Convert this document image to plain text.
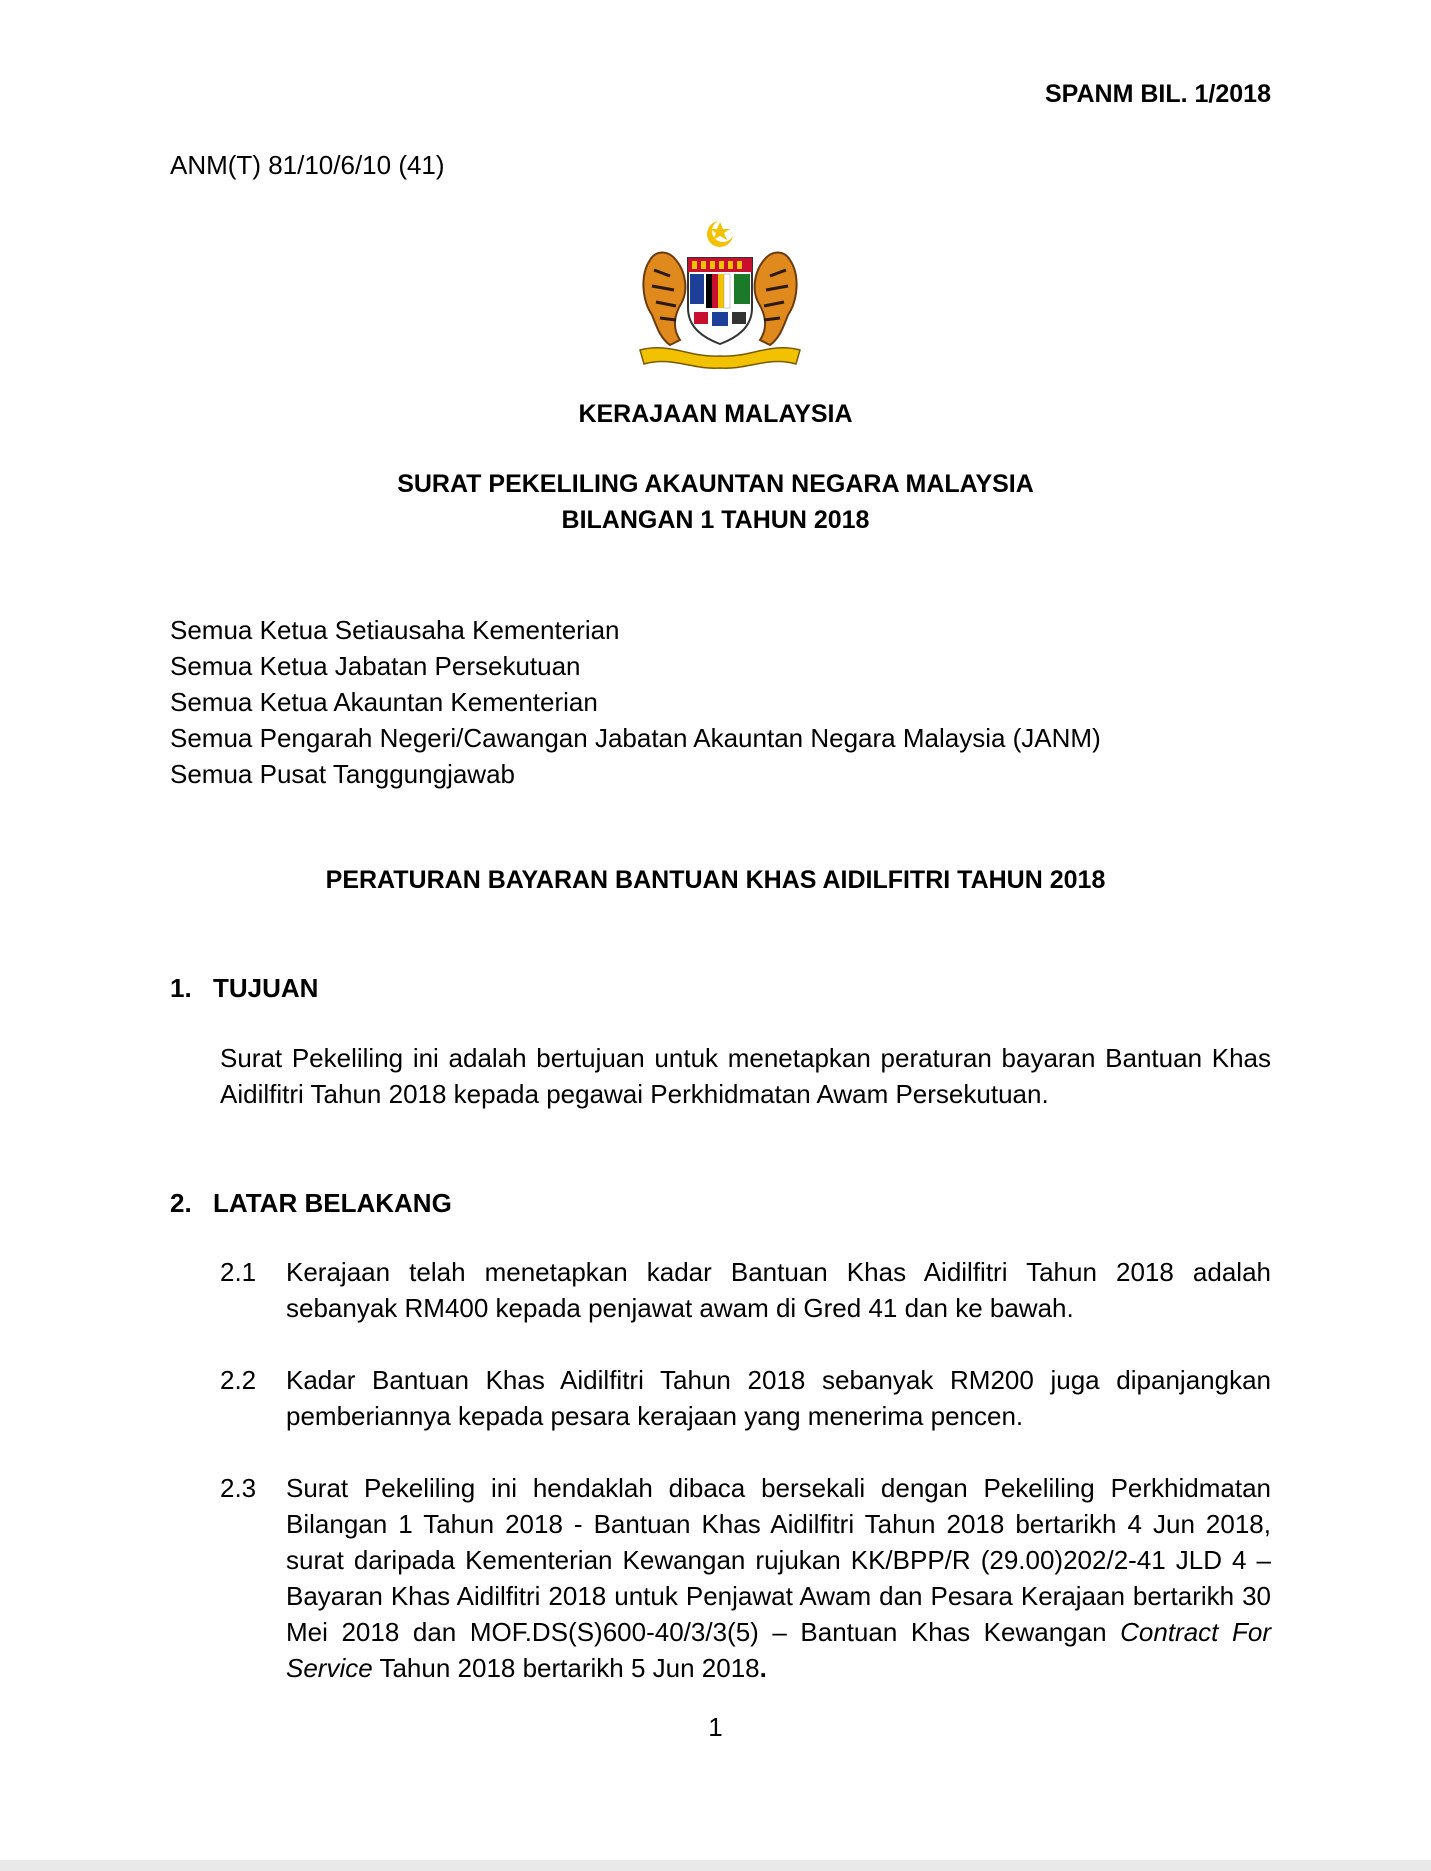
SPANM BIL. 1/2018
ANM(T) 81/10/6/10 (41)
KERAJAAN MALAYSIA
SURAT PEKELILING AKAUNTAN NEGARA MALAYSIA
BILANGAN 1 TAHUN 2018
Semua Ketua Setiausaha Kementerian
Semua Ketua Jabatan Persekutuan
Semua Ketua Akauntan Kementerian
Semua Pengarah Negeri/Cawangan Jabatan Akauntan Negara Malaysia (JANM)
Semua Pusat Tanggungjawab
PERATURAN BAYARAN BANTUAN KHAS AIDILFITRI TAHUN 2018
1. TUJUAN

Surat Pekeliling ini adalah bertujuan untuk menetapkan peraturan bayaran Bantuan Khas Aidilfitri Tahun 2018 kepada pegawai Perkhidmatan Awam Persekutuan.

2. LATAR BELAKANG
2.1 Kerajaan telah menetapkan kadar Bantuan Khas Aidilfitri Tahun 2018 adalah sebanyak RM400 kepada penjawat awam di Gred 41 dan ke bawah.
2.2 Kadar Bantuan Khas Aidilfitri Tahun 2018 sebanyak RM200 juga dipanjangkan pemberiannya kepada pesara kerajaan yang menerima pencen.
2.3 Surat Pekeliling ini hendaklah dibaca bersekali dengan Pekeliling Perkhidmatan Bilangan 1 Tahun 2018 - Bantuan Khas Aidilfitri Tahun 2018 bertarikh 4 Jun 2018, surat daripada Kementerian Kewangan rujukan KK/BPP/R (29.00)202/2-41 JLD 4 – Bayaran Khas Aidilfitri 2018 untuk Penjawat Awam dan Pesara Kerajaan bertarikh 30 Mei 2018 dan MOF.DS(S)600-40/3/3(5) – Bantuan Khas Kewangan Contract For Service Tahun 2018 bertarikh 5 Jun 2018.
1
